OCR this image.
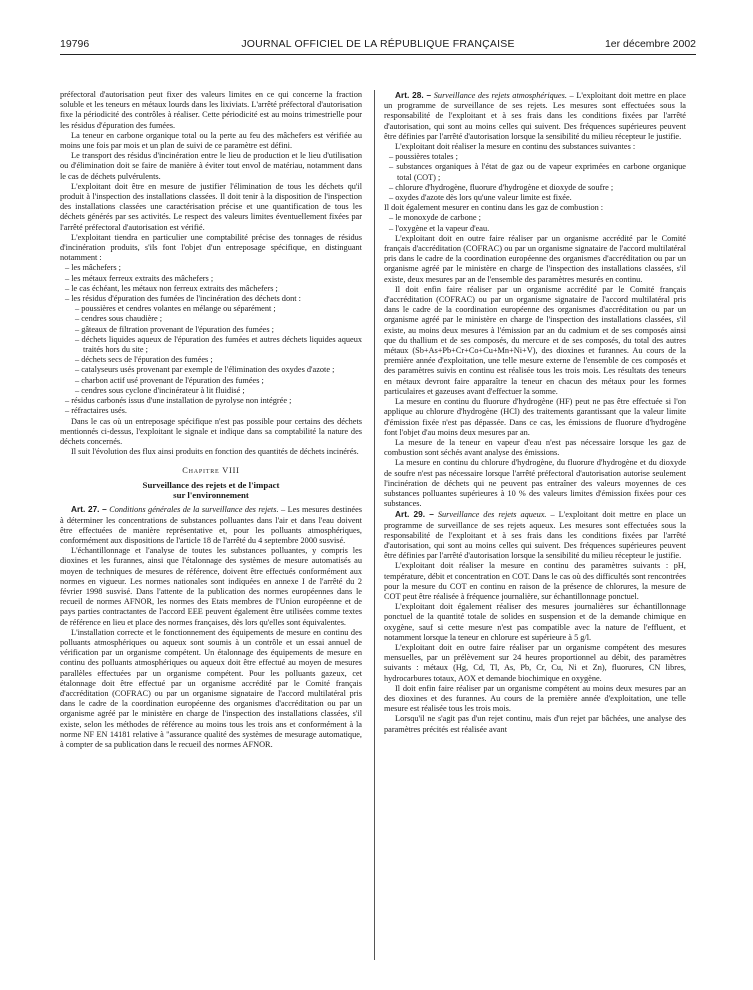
19796	JOURNAL OFFICIEL DE LA RÉPUBLIQUE FRANÇAISE	1er décembre 2002

préfectoral d'autorisation peut fixer des valeurs limites en ce qui concerne la fraction soluble et les teneurs en métaux lourds dans les lixiviats. L'arrêté préfectoral d'autorisation fixe la périodicité des contrôles à réaliser. Cette périodicité est au moins trimestrielle pour les résidus d'épuration des fumées.

La teneur en carbone organique total ou la perte au feu des mâchefers est vérifiée au moins une fois par mois et un plan de suivi de ce paramètre est défini.

Le transport des résidus d'incinération entre le lieu de production et le lieu d'utilisation ou d'élimination doit se faire de manière à éviter tout envol de matériau, notamment dans le cas de déchets pulvérulents.

L'exploitant doit être en mesure de justifier l'élimination de tous les déchets qu'il produit à l'inspection des installations classées. Il doit tenir à la disposition de l'inspection des installations classées une caractérisation précise et une quantification de tous les déchets générés par ses activités. Le respect des valeurs limites éventuellement fixées par l'arrêté préfectoral d'autorisation est vérifié.

L'exploitant tiendra en particulier une comptabilité précise des tonnages de résidus d'incinération produits, s'ils font l'objet d'un entreposage spécifique, en distinguant notamment :

– les mâchefers ;
– les métaux ferreux extraits des mâchefers ;
– le cas échéant, les métaux non ferreux extraits des mâchefers ;
– les résidus d'épuration des fumées de l'incinération des déchets dont :
– poussières et cendres volantes en mélange ou séparément ;
– cendres sous chaudière ;
– gâteaux de filtration provenant de l'épuration des fumées ;
– déchets liquides aqueux de l'épuration des fumées et autres déchets liquides aqueux traités hors du site ;
– déchets secs de l'épuration des fumées ;
– catalyseurs usés provenant par exemple de l'élimination des oxydes d'azote ;
– charbon actif usé provenant de l'épuration des fumées ;
– cendres sous cyclone d'incinérateur à lit fluidisé ;
– résidus carbonés issus d'une installation de pyrolyse non intégrée ;
– réfractaires usés.

Dans le cas où un entreposage spécifique n'est pas possible pour certains des déchets mentionnés ci-dessus, l'exploitant le signale et indique dans sa comptabilité la nature des déchets concernés.

Il suit l'évolution des flux ainsi produits en fonction des quantités de déchets incinérés.

Chapitre VIII
Surveillance des rejets et de l'impact
sur l'environnement

Art. 27. – Conditions générales de la surveillance des rejets. – Les mesures destinées à déterminer les concentrations de substances polluantes dans l'air et dans l'eau doivent être effectuées de manière représentative et, pour les polluants atmosphériques, conformément aux dispositions de l'article 18 de l'arrêté du 4 septembre 2000 susvisé.

L'échantillonnage et l'analyse de toutes les substances polluantes, y compris les dioxines et les furannes, ainsi que l'étalonnage des systèmes de mesure automatisés au moyen de techniques de mesures de référence, doivent être effectués conformément aux normes en vigueur. Les normes nationales sont indiquées en annexe I de l'arrêté du 2 février 1998 susvisé. Dans l'attente de la publication des normes européennes dans le recueil de normes AFNOR, les normes des Etats membres de l'Union européenne et de pays parties contractantes de l'accord EEE peuvent également être utilisées comme textes de référence en lieu et place des normes françaises, dès lors qu'elles sont équivalentes.

L'installation correcte et le fonctionnement des équipements de mesure en continu des polluants atmosphériques ou aqueux sont soumis à un contrôle et un essai annuel de vérification par un organisme compétent. Un étalonnage des équipements de mesure en continu des polluants atmosphériques ou aqueux doit être effectué au moyen de mesures parallèles effectuées par un organisme compétent. Pour les polluants gazeux, cet étalonnage doit être effectué par un organisme accrédité par le Comité français d'accréditation (COFRAC) ou par un organisme signataire de l'accord multilatéral pris dans le cadre de la coordination européenne des organismes d'accréditation ou par un organisme agréé par le ministère en charge de l'inspection des installations classées, s'il existe, selon les méthodes de référence au moins tous les trois ans et conformément à la norme NF EN 14181 relative à "assurance qualité des systèmes de mesurage automatique, à compter de sa publication dans le recueil des normes AFNOR.

Art. 28. – Surveillance des rejets atmosphériques. – L'exploitant doit mettre en place un programme de surveillance de ses rejets. Les mesures sont effectuées sous la responsabilité de l'exploitant et à ses frais dans les conditions fixées par l'arrêté d'autorisation, qui sont au moins celles qui suivent. Des fréquences supérieures peuvent être définies par l'arrêté d'autorisation lorsque la sensibilité du milieu récepteur le justifie.

L'exploitant doit réaliser la mesure en continu des substances suivantes :

– poussières totales ;
– substances organiques à l'état de gaz ou de vapeur exprimées en carbone organique total (COT) ;
– chlorure d'hydrogène, fluorure d'hydrogène et dioxyde de soufre ;
– oxydes d'azote dès lors qu'une valeur limite est fixée.

Il doit également mesurer en continu dans les gaz de combustion :

– le monoxyde de carbone ;
– l'oxygène et la vapeur d'eau.

L'exploitant doit en outre faire réaliser par un organisme accrédité par le Comité français d'accréditation (COFRAC) ou par un organisme signataire de l'accord multilatéral pris dans le cadre de la coordination européenne des organismes d'accréditation ou par un organisme agréé par le ministère en charge de l'inspection des installations classées, s'il existe, deux mesures par an de l'ensemble des paramètres mesurés en continu.

Il doit enfin faire réaliser par un organisme accrédité par le Comité français d'accréditation (COFRAC) ou par un organisme signataire de l'accord multilatéral pris dans le cadre de la coordination européenne des organismes d'accréditation ou par un organisme agréé par le ministère en charge de l'inspection des installations classées, s'il existe, au moins deux mesures à l'émission par an du cadmium et de ses composés ainsi que du thallium et de ses composés, du mercure et de ses composés, du total des autres métaux (Sb+As+Pb+Cr+Co+Cu+Mn+Ni+V), des dioxines et furannes. Au cours de la première année d'exploitation, une telle mesure externe de l'ensemble de ces composés et des paramètres suivis en continu est réalisée tous les trois mois. Les résultats des teneurs en métaux devront faire apparaître la teneur en chacun des métaux pour les formes particulaires et gazeuses avant d'effectuer la somme.

La mesure en continu du fluorure d'hydrogène (HF) peut ne pas être effectuée si l'on applique au chlorure d'hydrogène (HCl) des traitements garantissant que la valeur limite d'émission fixée n'est pas dépassée. Dans ce cas, les émissions de fluorure d'hydrogène font l'objet d'au moins deux mesures par an.

La mesure de la teneur en vapeur d'eau n'est pas nécessaire lorsque les gaz de combustion sont séchés avant analyse des émissions.

La mesure en continu du chlorure d'hydrogène, du fluorure d'hydrogène et du dioxyde de soufre n'est pas nécessaire lorsque l'arrêté préfectoral d'autorisation autorise seulement l'incinération de déchets qui ne peuvent pas entraîner des valeurs moyennes de ces substances polluantes supérieures à 10 % des valeurs limites d'émission fixées pour ces substances.

Art. 29. – Surveillance des rejets aqueux. – L'exploitant doit mettre en place un programme de surveillance de ses rejets aqueux. Les mesures sont effectuées sous la responsabilité de l'exploitant et à ses frais dans les conditions fixées par l'arrêté d'autorisation, qui sont au moins celles qui suivent. Des fréquences supérieures peuvent être définies par l'arrêté d'autorisation lorsque la sensibilité du milieu récepteur le justifie.

L'exploitant doit réaliser la mesure en continu des paramètres suivants : pH, température, débit et concentration en COT. Dans le cas où des difficultés sont rencontrées pour la mesure du COT en continu en raison de la présence de chlorures, la mesure de COT peut être réalisée à fréquence journalière, sur échantillonnage ponctuel.

L'exploitant doit également réaliser des mesures journalières sur échantillonnage ponctuel de la quantité totale de solides en suspension et de la demande chimique en oxygène, sauf si cette mesure n'est pas compatible avec la nature de l'effluent, et notamment lorsque la teneur en chlorure est supérieure à 5 g/l.

L'exploitant doit en outre faire réaliser par un organisme compétent des mesures mensuelles, par un prélèvement sur 24 heures proportionnel au débit, des paramètres suivants : métaux (Hg, Cd, Tl, As, Pb, Cr, Cu, Ni et Zn), fluorures, CN libres, hydrocarbures totaux, AOX et demande biochimique en oxygène.

Il doit enfin faire réaliser par un organisme compétent au moins deux mesures par an des dioxines et des furannes. Au cours de la première année d'exploitation, une telle mesure est réalisée tous les trois mois.

Lorsqu'il ne s'agit pas d'un rejet continu, mais d'un rejet par bâchées, une analyse des paramètres précités est réalisée avant
